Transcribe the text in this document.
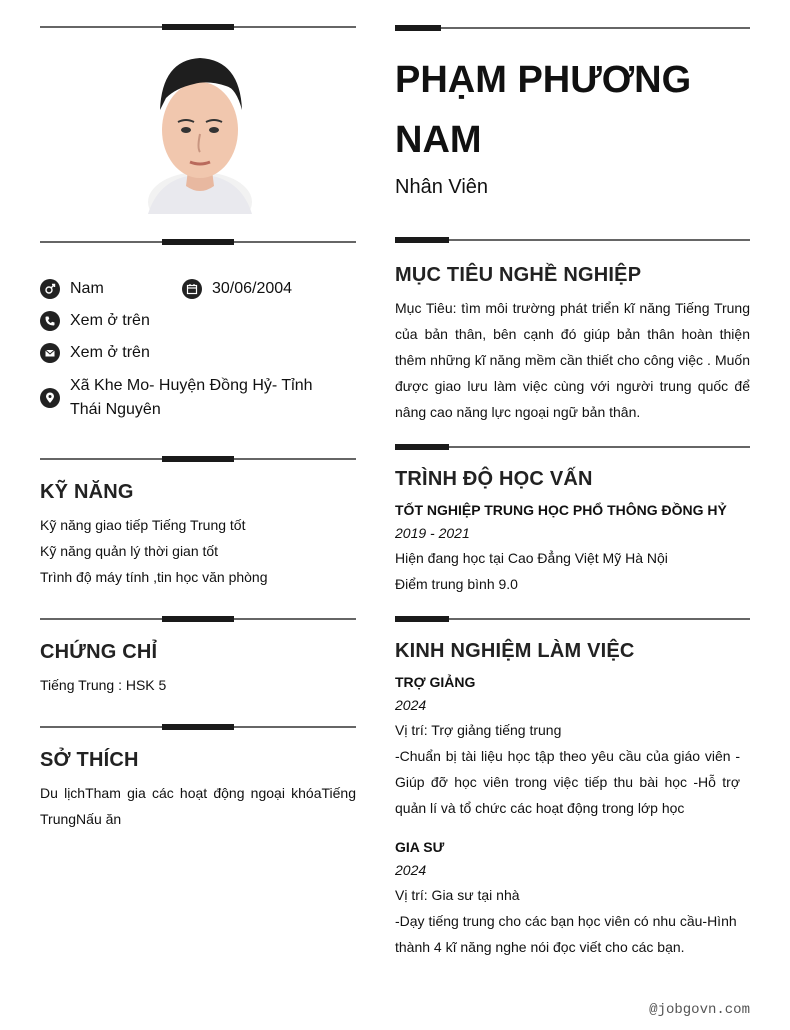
Nam	30/06/2004
Xem ở trên
Xem ở trên
Xã Khe Mo- Huyện Đồng Hỷ- Tỉnh Thái Nguyên
KỸ NĂNG
Kỹ năng giao tiếp Tiếng Trung tốt
Kỹ năng quản lý thời gian tốt
Trình độ máy tính ,tin học văn phòng
CHỨNG CHỈ
Tiếng Trung : HSK 5
SỞ THÍCH
Du lịchTham gia các hoạt động ngoại khóaTiếng TrungNấu ăn
PHẠM PHƯƠNG NAM
Nhân Viên
MỤC TIÊU NGHỀ NGHIỆP
Mục Tiêu: tìm môi trường phát triển kĩ năng Tiếng Trung của bản thân, bên cạnh đó giúp bản thân hoàn thiện thêm những kĩ năng mềm cần thiết cho công việc . Muốn được giao lưu làm việc cùng với người trung quốc để nâng cao năng lực ngoại ngữ bản thân.
TRÌNH ĐỘ HỌC VẤN
TỐT NGHIỆP TRUNG HỌC PHỔ THÔNG ĐỒNG HỶ
2019 - 2021
Hiện đang học tại Cao Đẳng Việt Mỹ Hà Nội
Điểm trung bình 9.0
KINH NGHIỆM LÀM VIỆC
TRỢ GIẢNG
2024
Vị trí: Trợ giảng tiếng trung
-Chuẩn bị tài liệu học tập theo yêu cầu của giáo viên -Giúp đỡ học viên trong việc tiếp thu bài học -Hỗ trợ quản lí và tổ chức các hoạt động trong lớp học
GIA SƯ
2024
Vị trí: Gia sư tại nhà
-Dạy tiếng trung cho các bạn học viên có nhu cầu-Hình thành 4 kĩ năng nghe nói đọc viết cho các bạn.
@jobgovn.com
